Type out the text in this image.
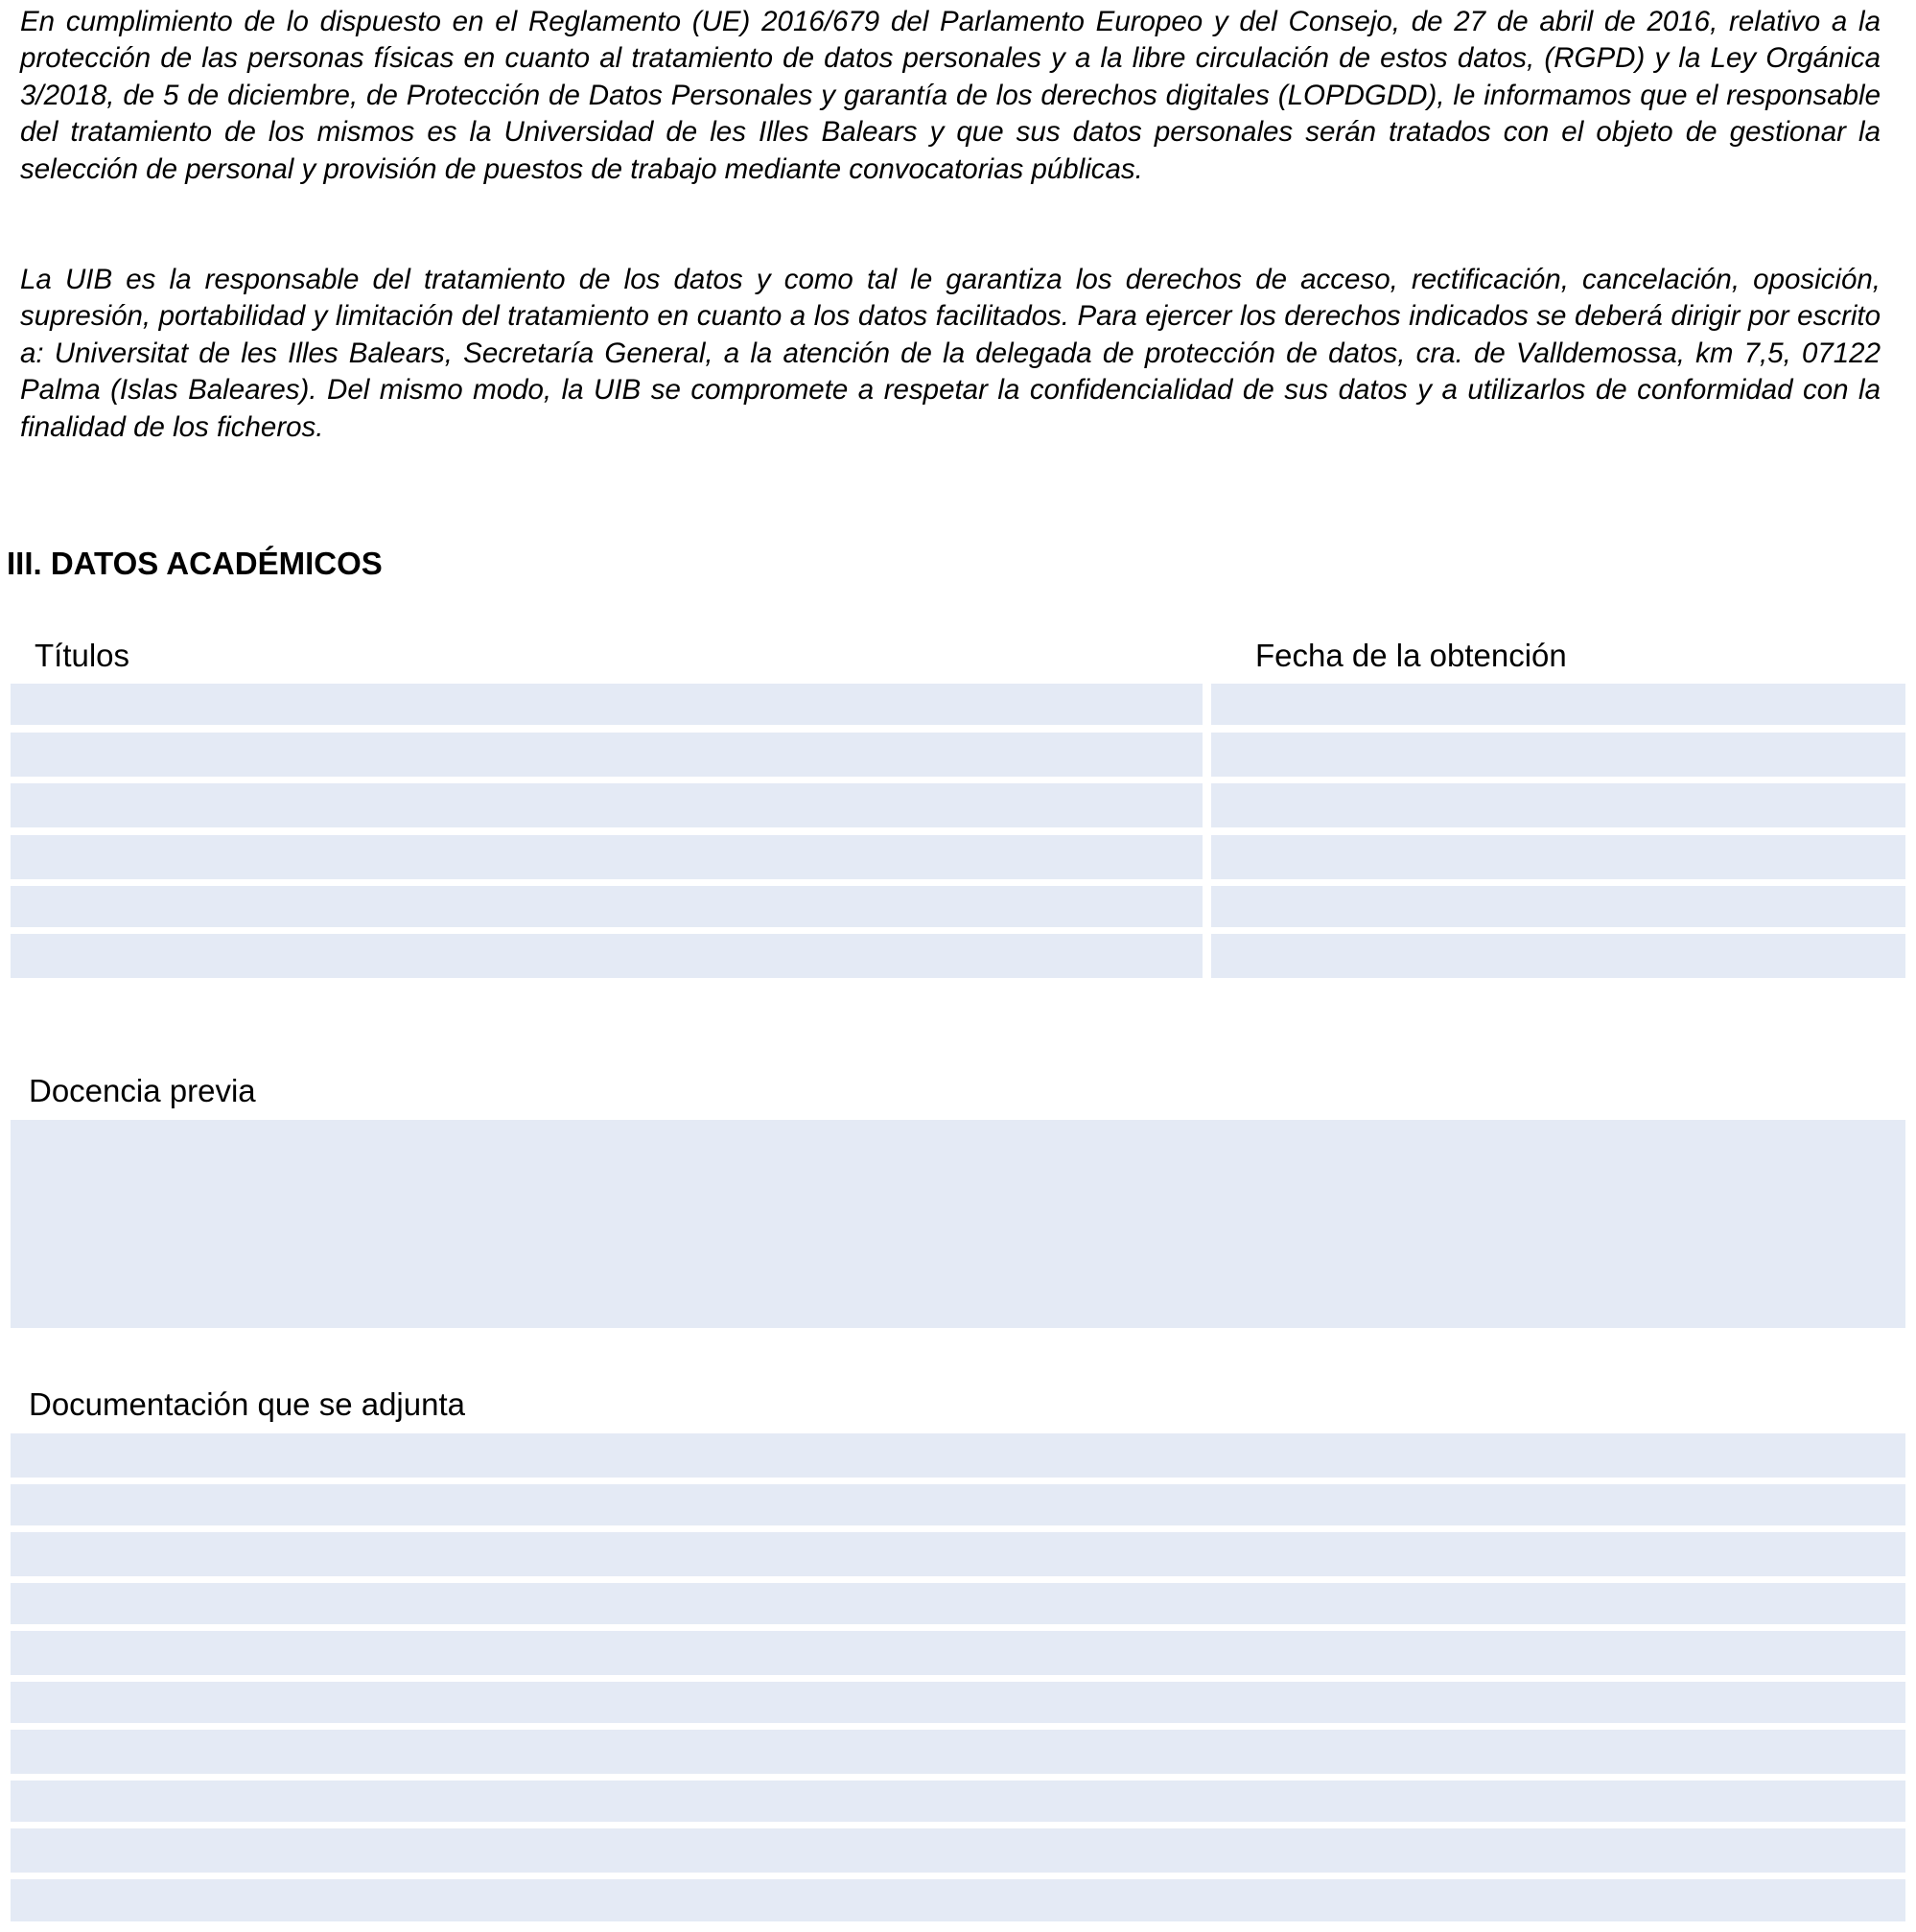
En cumplimiento de lo dispuesto en el Reglamento (UE) 2016/679 del Parlamento Europeo y del Consejo, de 27 de abril de 2016, relativo a la protección de las personas físicas en cuanto al tratamiento de datos personales y a la libre circulación de estos datos, (RGPD) y la Ley Orgánica 3/2018, de 5 de diciembre, de Protección de Datos Personales y garantía de los derechos digitales (LOPDGDD), le informamos que el responsable del tratamiento de los mismos es la Universidad de les Illes Balears y que sus datos personales serán tratados con el objeto de gestionar la selección de personal y provisión de puestos de trabajo mediante convocatorias públicas.

La UIB es la responsable del tratamiento de los datos y como tal le garantiza los derechos de acceso, rectificación, cancelación, oposición, supresión, portabilidad y limitación del tratamiento en cuanto a los datos facilitados. Para ejercer los derechos indicados se deberá dirigir por escrito a: Universitat de les Illes Balears, Secretaría General, a la atención de la delegada de protección de datos, cra. de Valldemossa, km 7,5, 07122 Palma (Islas Baleares). Del mismo modo, la UIB se compromete a respetar la confidencialidad de sus datos y a utilizarlos de conformidad con la finalidad de los ficheros.

III. DATOS ACADÉMICOS
Títulos	Fecha de la obtención
Docencia previa
Documentación que se adjunta
